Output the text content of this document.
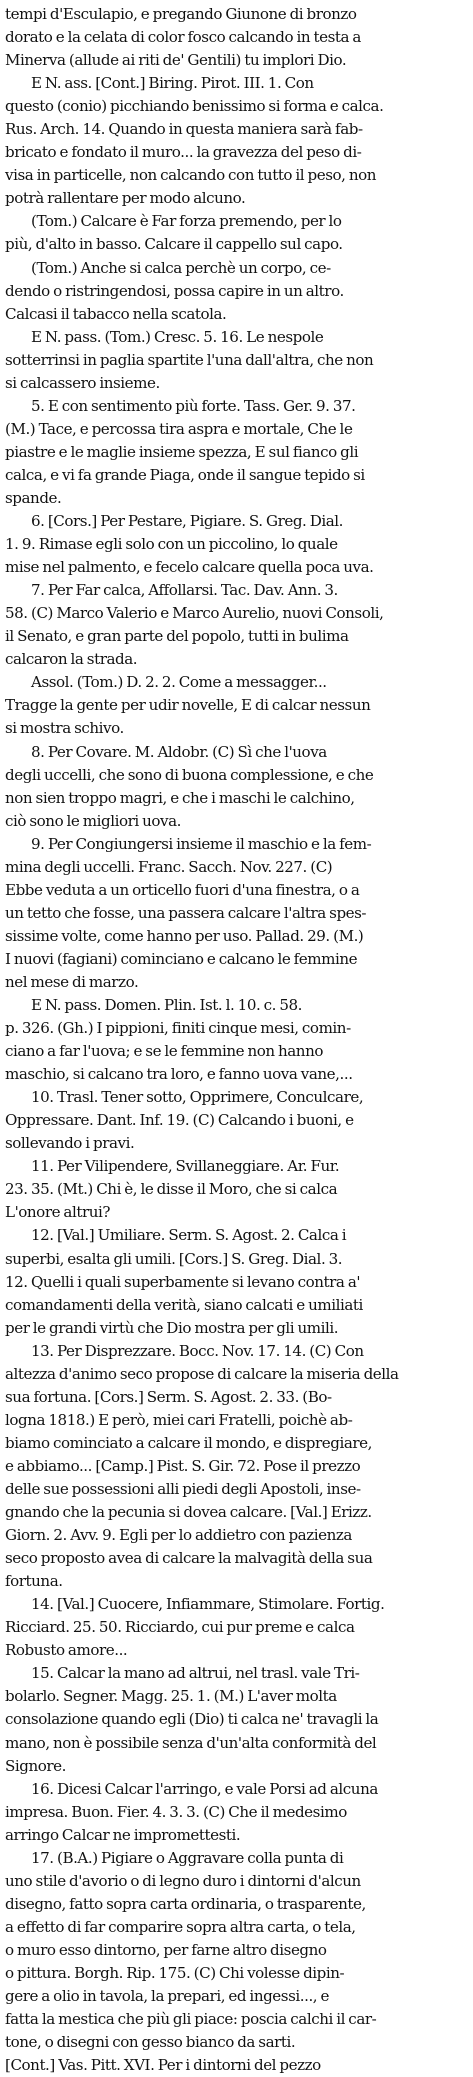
tempi d'Esculapio, e pregando Giunone di bronzo
dorato e la celata di color fosco calcando in testa a
Minerva (allude ai riti de' Gentili) tu implori Dio.
E N. ass. [Cont.] Biring. Pirot. III. 1. Con
questo (conio) picchiando benissimo si forma e calca.
Rus. Arch. 14. Quando in questa maniera sarà fab-
bricato e fondato il muro... la gravezza del peso di-
visa in particelle, non calcando con tutto il peso, non
potrà rallentare per modo alcuno.
(Tom.) Calcare è Far forza premendo, per lo
più, d'alto in basso. Calcare il cappello sul capo.
(Tom.) Anche si calca perchè un corpo, ce-
dendo o ristringendosi, possa capire in un altro.
Calcasi il tabacco nella scatola.
E N. pass. (Tom.) Cresc. 5. 16. Le nespole
sotterrinsi in paglia spartite l'una dall'altra, che non
si calcassero insieme.
5. E con sentimento più forte. Tass. Ger. 9. 37.
(M.) Tace, e percossa tira aspra e mortale, Che le
piastre e le maglie insieme spezza, E sul fianco gli
calca, e vi fa grande Piaga, onde il sangue tepido si
spande.
6. [Cors.] Per Pestare, Pigiare. S. Greg. Dial.
1. 9. Rimase egli solo con un piccolino, lo quale
mise nel palmento, e fecelo calcare quella poca uva.
7. Per Far calca, Affollarsi. Tac. Dav. Ann. 3.
58. (C) Marco Valerio e Marco Aurelio, nuovi Consoli,
il Senato, e gran parte del popolo, tutti in bulima
calcaron la strada.
Assol. (Tom.) D. 2. 2. Come a messagger...
Tragge la gente per udir novelle, E di calcar nessun
si mostra schivo.
8. Per Covare. M. Aldobr. (C) Sì che l'uova
degli uccelli, che sono di buona complessione, e che
non sien troppo magri, e che i maschi le calchino,
ciò sono le migliori uova.
9. Per Congiungersi insieme il maschio e la fem-
mina degli uccelli. Franc. Sacch. Nov. 227. (C)
Ebbe veduta a un orticello fuori d'una finestra, o a
un tetto che fosse, una passera calcare l'altra spes-
sissime volte, come hanno per uso. Pallad. 29. (M.)
I nuovi (fagiani) cominciano e calcano le femmine
nel mese di marzo.
E N. pass. Domen. Plin. Ist. l. 10. c. 58.
p. 326. (Gh.) I pippioni, finiti cinque mesi, comin-
ciano a far l'uova; e se le femmine non hanno
maschio, si calcano tra loro, e fanno uova vane,...
10. Trasl. Tener sotto, Opprimere, Conculcare,
Oppressare. Dant. Inf. 19. (C) Calcando i buoni, e
sollevando i pravi.
11. Per Vilipendere, Svillaneggiare. Ar. Fur.
23. 35. (Mt.) Chi è, le disse il Moro, che si calca
L'onore altrui?
12. [Val.] Umiliare. Serm. S. Agost. 2. Calca i
superbi, esalta gli umili. [Cors.] S. Greg. Dial. 3.
12. Quelli i quali superbamente si levano contra a'
comandamenti della verità, siano calcati e umiliati
per le grandi virtù che Dio mostra per gli umili.
13. Per Disprezzare. Bocc. Nov. 17. 14. (C) Con
altezza d'animo seco propose di calcare la miseria della
sua fortuna. [Cors.] Serm. S. Agost. 2. 33. (Bo-
logna 1818.) E però, miei cari Fratelli, poichè ab-
biamo cominciato a calcare il mondo, e dispregiare,
e abbiamo... [Camp.] Pist. S. Gir. 72. Pose il prezzo
delle sue possessioni alli piedi degli Apostoli, inse-
gnando che la pecunia si dovea calcare. [Val.] Erizz.
Giorn. 2. Avv. 9. Egli per lo addietro con pazienza
seco proposto avea di calcare la malvagità della sua
fortuna.
14. [Val.] Cuocere, Infiammare, Stimolare. Fortig.
Ricciard. 25. 50. Ricciardo, cui pur preme e calca
Robusto amore...
15. Calcar la mano ad altrui, nel trasl. vale Tri-
bolarlo. Segner. Magg. 25. 1. (M.) L'aver molta
consolazione quando egli (Dio) ti calca ne' travagli la
mano, non è possibile senza d'un'alta conformità del
Signore.
16. Dicesi Calcar l'arringo, e vale Porsi ad alcuna
impresa. Buon. Fier. 4. 3. 3. (C) Che il medesimo
arringo Calcar ne impromettesti.
17. (B.A.) Pigiare o Aggravare colla punta di
uno stile d'avorio o di legno duro i dintorni d'alcun
disegno, fatto sopra carta ordinaria, o trasparente,
a effetto di far comparire sopra altra carta, o tela,
o muro esso dintorno, per farne altro disegno
o pittura. Borgh. Rip. 175. (C) Chi volesse dipin-
gere a olio in tavola, la prepari, ed ingessi..., e
fatta la mestica che più gli piace: poscia calchi il car-
tone, o disegni con gesso bianco da sarti.
[Cont.] Vas. Pitt. XVI. Per i dintorni del pezzo
